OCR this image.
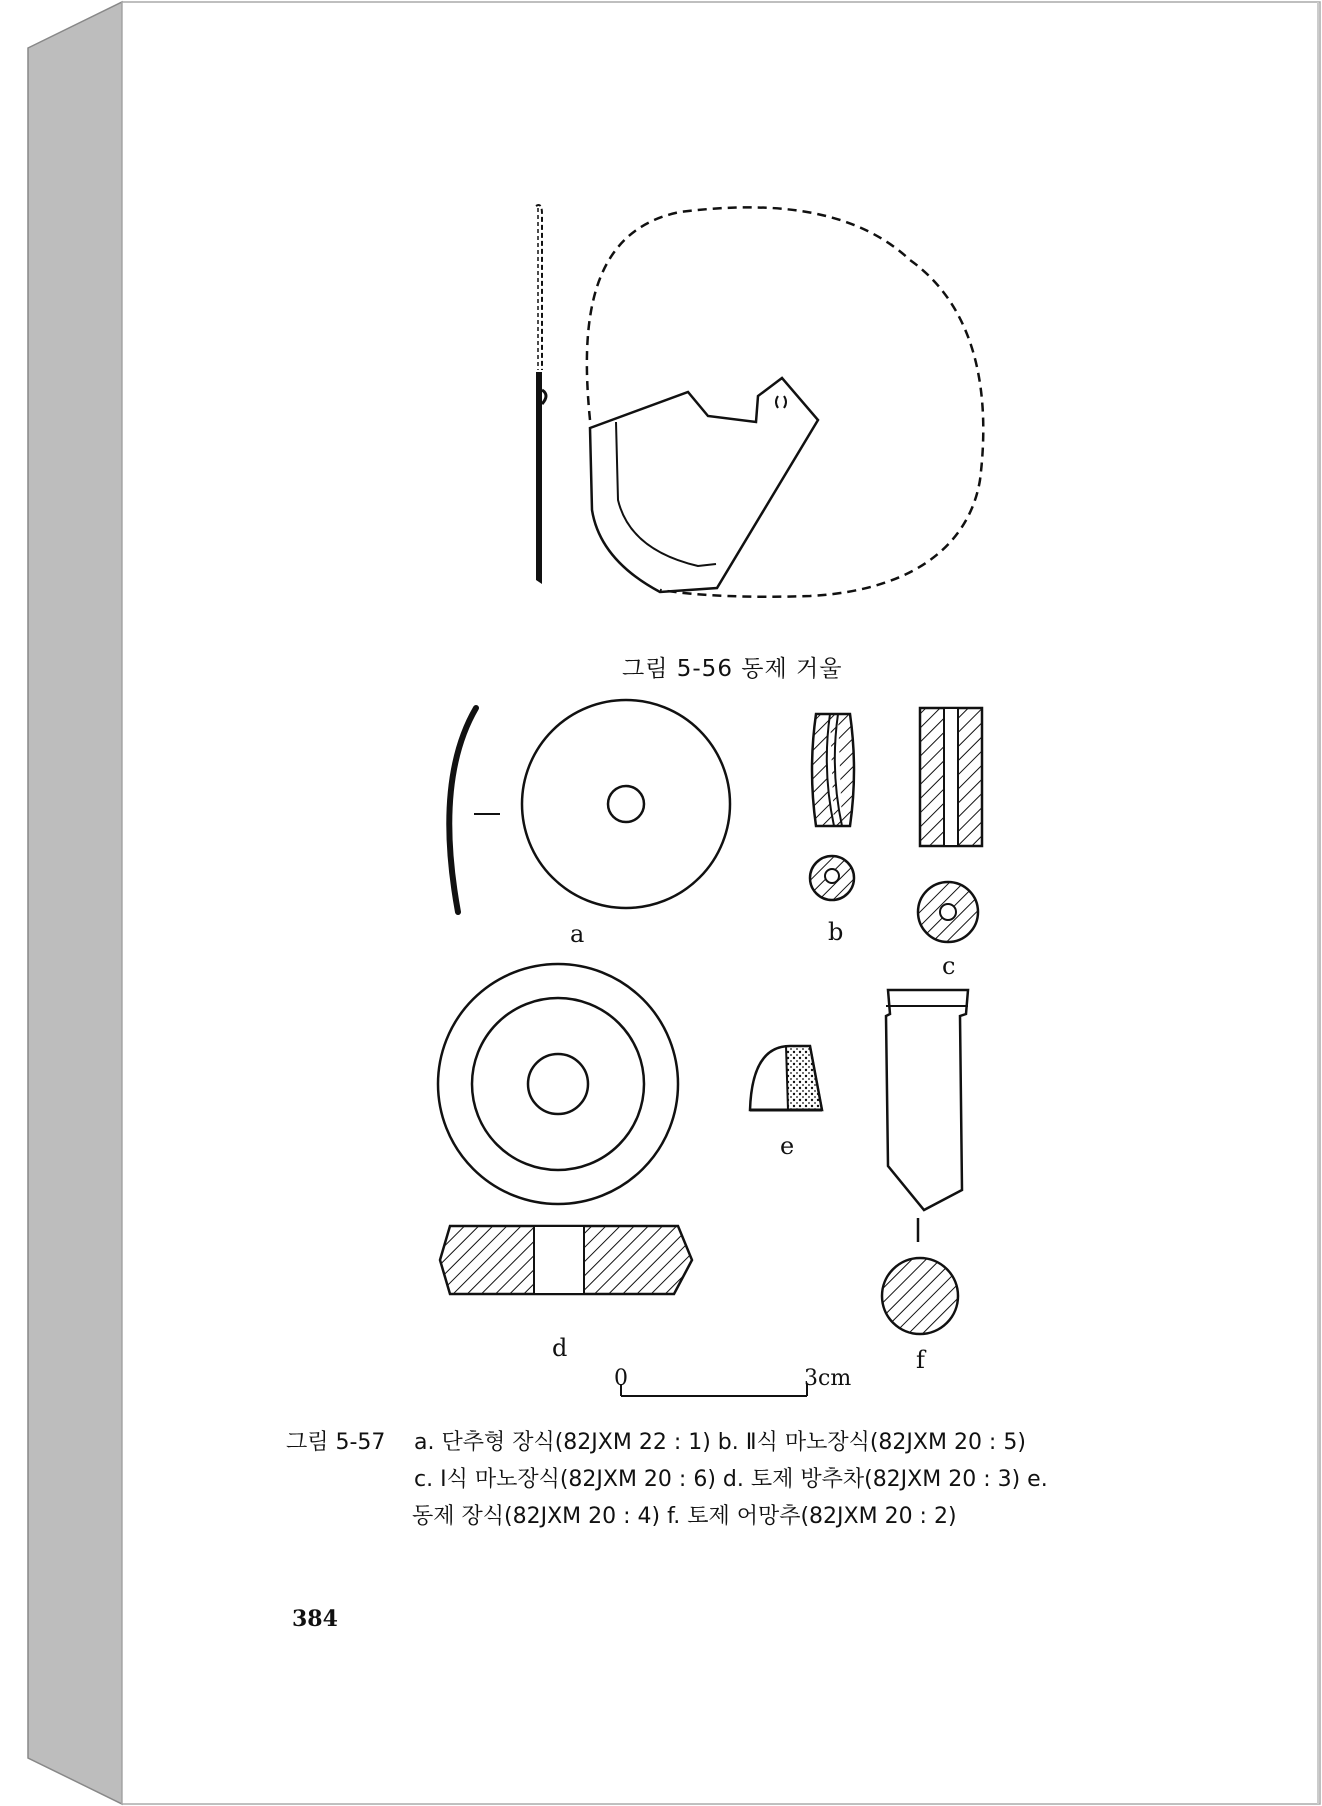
그림 5-56 동제 거울
a	b
c
e
d	f
0	3cm
그림 5-57 a. 단추형 장식(82JXM 22 : 1) b. Ⅱ식 마노장식(82JXM 20 : 5)
c. Ⅰ식 마노장식(82JXM 20 : 6) d. 토제 방추차(82JXM 20 : 3) e.
동제 장식(82JXM 20 : 4) f. 토제 어망추(82JXM 20 : 2)
384
